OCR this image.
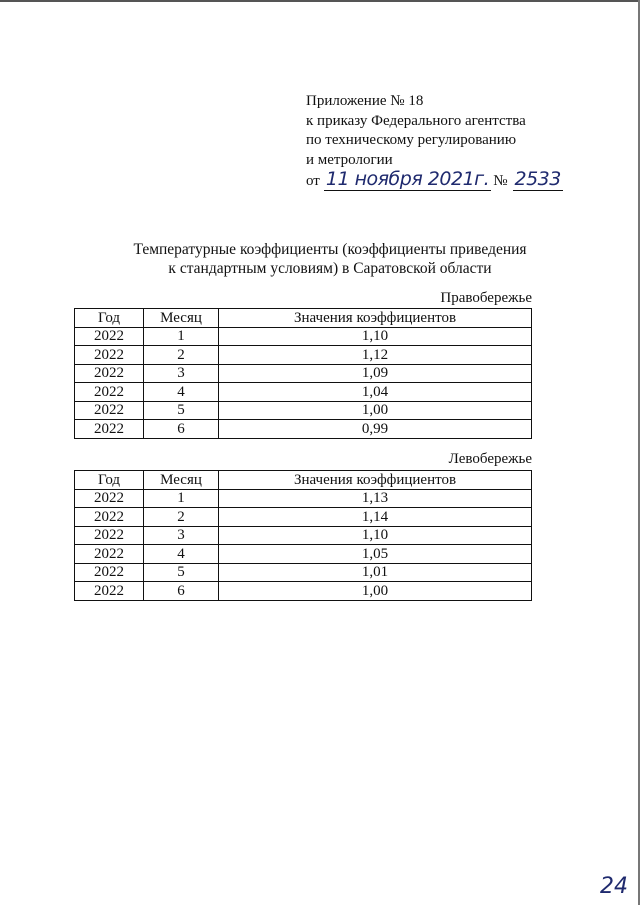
Приложение № 18
к приказу Федерального агентства
по техническому регулированию
и метрологии
от 11 ноября 2021г. № 2533
Температурные коэффициенты (коэффициенты приведения
к стандартным условиям) в Саратовской области
Правобережье
Год	Месяц	Значения коэффициентов
2022	1	1,10
2022	2	1,12
2022	3	1,09
2022	4	1,04
2022	5	1,00
2022	6	0,99
Левобережье
Год	Месяц	Значения коэффициентов
2022	1	1,13
2022	2	1,14
2022	3	1,10
2022	4	1,05
2022	5	1,01
2022	6	1,00
24
